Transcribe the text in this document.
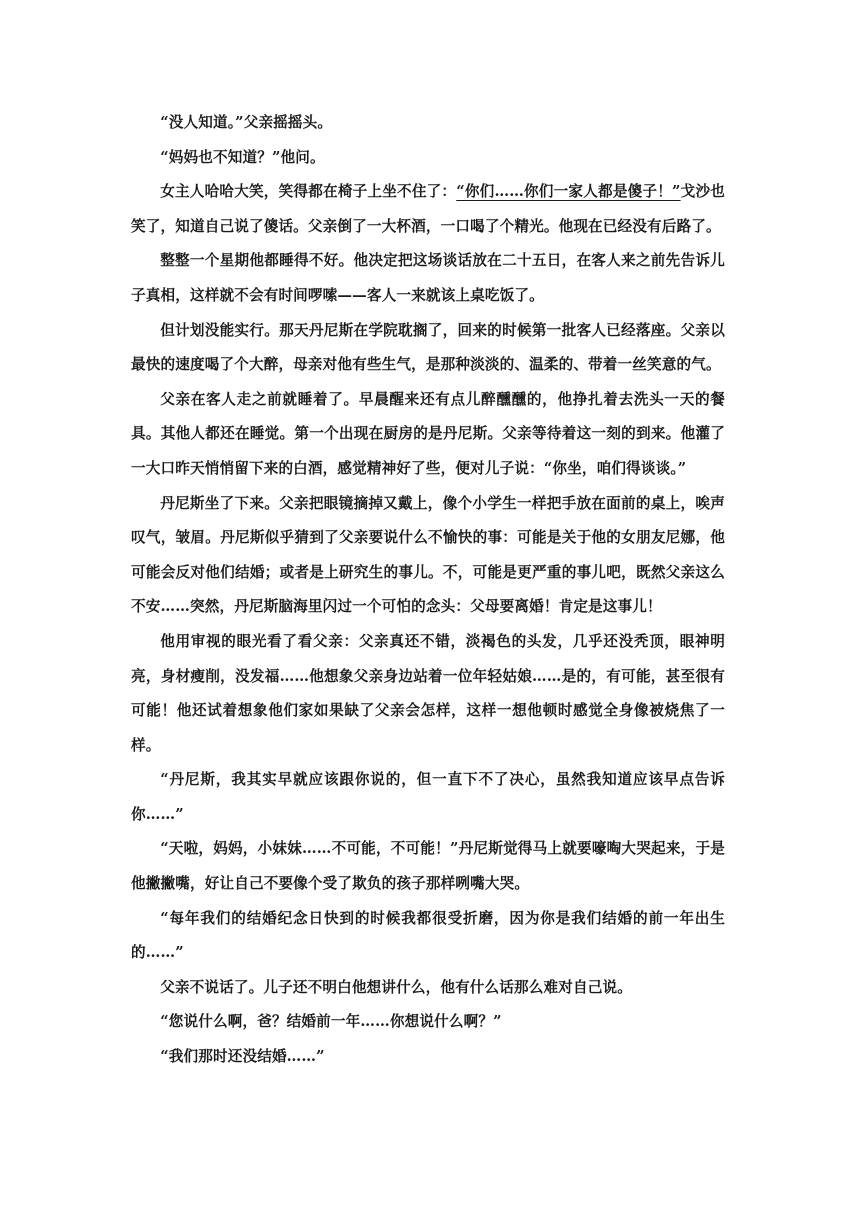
“没人知道。”父亲摇摇头。

“妈妈也不知道？”他问。

女主人哈哈大笑，笑得都在椅子上坐不住了：“你们……你们一家人都是傻子！”戈沙也笑了，知道自己说了傻话。父亲倒了一大杯酒，一口喝了个精光。他现在已经没有后路了。

整整一个星期他都睡得不好。他决定把这场谈话放在二十五日，在客人来之前先告诉儿子真相，这样就不会有时间啰嗦——客人一来就该上桌吃饭了。

但计划没能实行。那天丹尼斯在学院耽搁了，回来的时候第一批客人已经落座。父亲以最快的速度喝了个大醉，母亲对他有些生气，是那种淡淡的、温柔的、带着一丝笑意的气。

父亲在客人走之前就睡着了。早晨醒来还有点儿醉醺醺的，他挣扎着去洗头一天的餐具。其他人都还在睡觉。第一个出现在厨房的是丹尼斯。父亲等待着这一刻的到来。他灌了一大口昨天悄悄留下来的白酒，感觉精神好了些，便对儿子说：“你坐，咱们得谈谈。”

丹尼斯坐了下来。父亲把眼镜摘掉又戴上，像个小学生一样把手放在面前的桌上，唉声叹气，皱眉。丹尼斯似乎猜到了父亲要说什么不愉快的事：可能是关于他的女朋友尼娜，他可能会反对他们结婚；或者是上研究生的事儿。不，可能是更严重的事儿吧，既然父亲这么不安……突然，丹尼斯脑海里闪过一个可怕的念头：父母要离婚！肯定是这事儿！

他用审视的眼光看了看父亲：父亲真还不错，淡褐色的头发，几乎还没秃顶，眼神明亮，身材瘦削，没发福……他想象父亲身边站着一位年轻姑娘……是的，有可能，甚至很有可能！他还试着想象他们家如果缺了父亲会怎样，这样一想他顿时感觉全身像被烧焦了一样。

“丹尼斯，我其实早就应该跟你说的，但一直下不了决心，虽然我知道应该早点告诉你……”

“天啦，妈妈，小妹妹……不可能，不可能！”丹尼斯觉得马上就要嚎啕大哭起来，于是他撇撇嘴，好让自己不要像个受了欺负的孩子那样咧嘴大哭。

“每年我们的结婚纪念日快到的时候我都很受折磨，因为你是我们结婚的前一年出生的……”

父亲不说话了。儿子还不明白他想讲什么，他有什么话那么难对自己说。

“您说什么啊，爸？结婚前一年……你想说什么啊？”

“我们那时还没结婚……”
